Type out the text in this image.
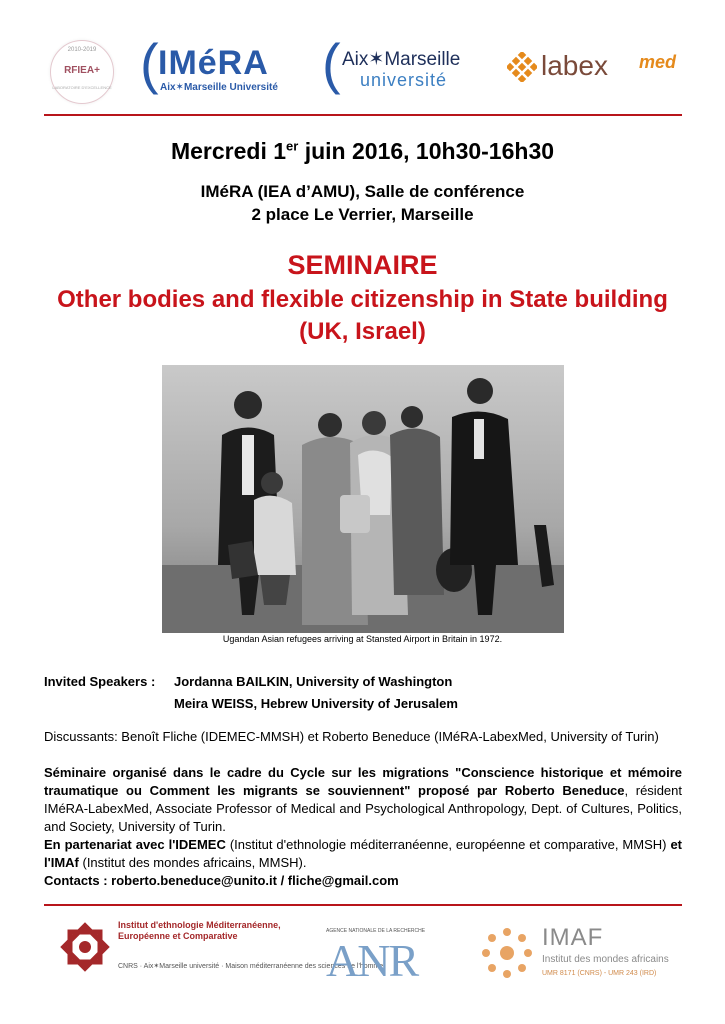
2010-2019
RFIEA+
LABORATOIRE D'EXCELLENCE ( IMéRA
Aix✶Marseille Université ( Aix✶Marseille
université	labex med
Mercredi 1er juin 2016, 10h30-16h30
IMéRA (IEA d’AMU), Salle de conférence
2 place Le Verrier, Marseille
SEMINAIRE
Other bodies and flexible citizenship in State building
(UK, Israel)
Ugandan Asian refugees arriving at Stansted Airport in Britain in 1972.
Invited Speakers : Jordanna BAILKIN, University of Washington
Meira WEISS, Hebrew University of Jerusalem
Discussants: Benoît Fliche (IDEMEC-MMSH) et Roberto Beneduce (IMéRA-LabexMed, University of Turin)

Séminaire organisé dans le cadre du Cycle sur les migrations "Conscience historique et mémoire traumatique ou Comment les migrants se souviennent" proposé par Roberto Beneduce, résident IMéRA-LabexMed, Associate Professor of Medical and Psychological Anthropology, Dept. of Cultures, Politics, and Society, University of Turin.

En partenariat avec l'IDEMEC (Institut d'ethnologie méditerranéenne, européenne et comparative, MMSH) et l'IMAf (Institut des mondes africains, MMSH).

Contacts : roberto.beneduce@unito.it / fliche@gmail.com

Institut d'ethnologie Méditerranéenne,
Européenne et Comparative
CNRS · Aix✶Marseille université · Maison méditerranéenne des sciences de l'homme
AGENCE NATIONALE DE LA RECHERCHE
ANR	IMAF
Institut des mondes africains
UMR 8171 (CNRS) - UMR 243 (IRD)
